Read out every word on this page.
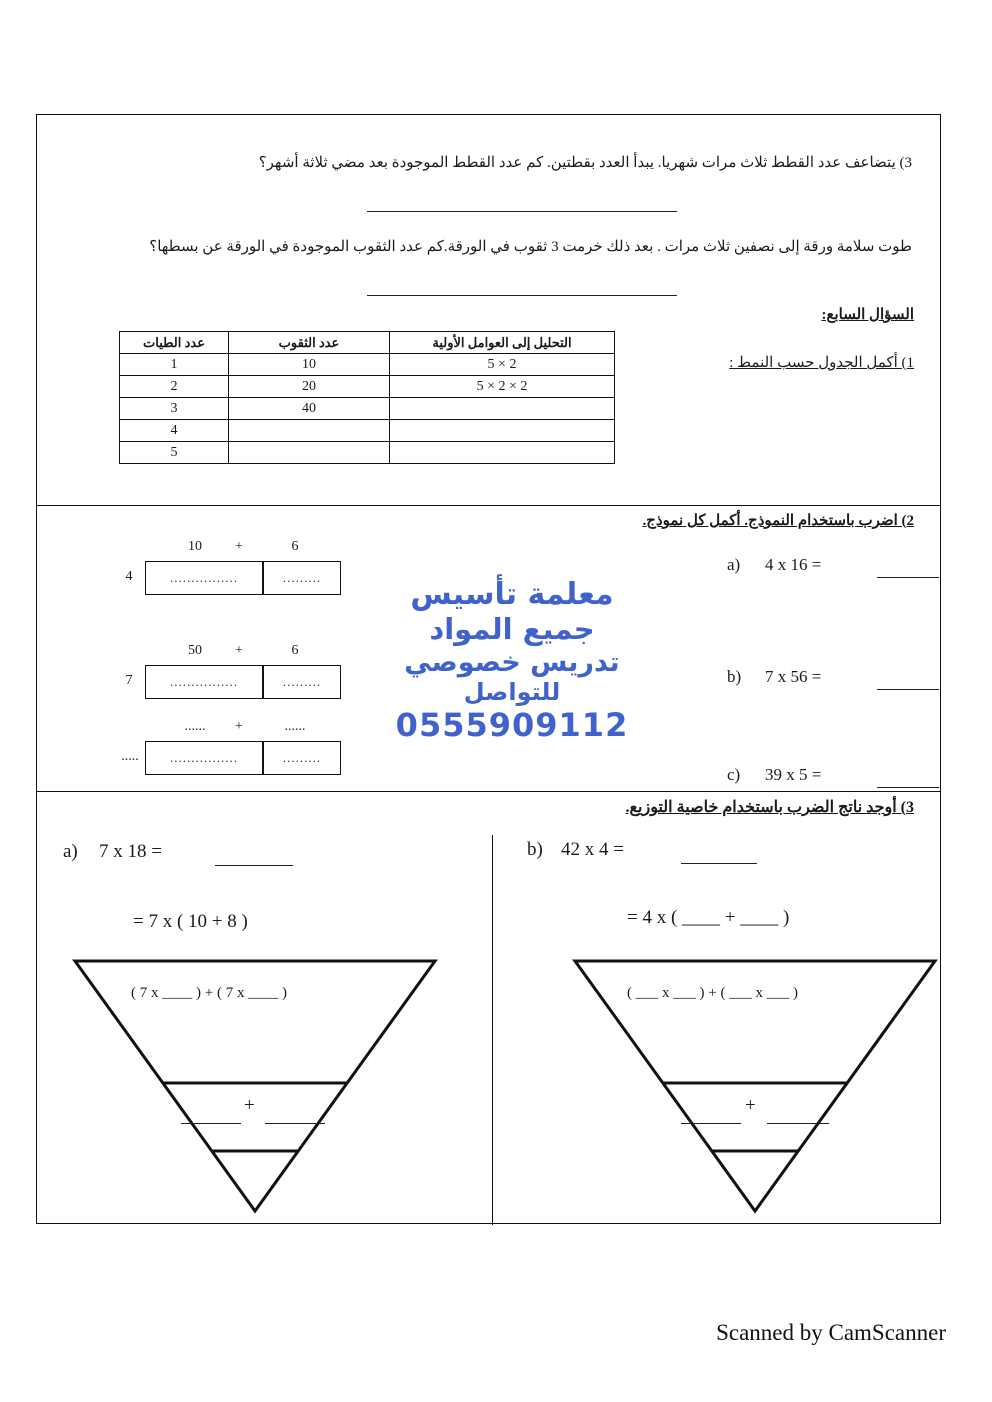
3) يتضاعف عدد القطط ثلاث مرات شهريا. يبدأ العدد بقطتين. كم عدد القطط الموجودة بعد مضي ثلاثة أشهر؟
طوت سلامة ورقة إلى نصفين ثلاث مرات . بعد ذلك خرمت 3 ثقوب في الورقة.كم عدد الثقوب الموجودة في الورقة عن بسطها؟
السؤال السابع:
1) أكمل الجدول حسب النمط :
التحليل إلى العوامل الأولية	عدد الثقوب	عدد الطيات
2 × 5	10	1
2 × 2 × 5	20	2
	40	3
		4
		5
2) اضرب باستخدام النموذج. أكمل كل نموذج.
a) 4 x 16 =
b) 7 x 56 =
c) 39 x 5 =
10	+	6
4	................	.........
50	+	6
7	................	.........
......	+	......
.....	................	.........
معلمة تأسيس
جميع المواد
تدريس خصوصي
للتواصل
0555909112
3) أوجد ناتج الضرب باستخدام خاصية التوزيع.
a) 7 x 18 =
= 7 x ( 10 + 8 )
( 7 x ____ ) + ( 7 x ____ )
+
b) 42 x 4 =
= 4 x ( ____ + ____ )
( ___ x ___ ) + ( ___ x ___ )
+
Scanned by CamScanner
